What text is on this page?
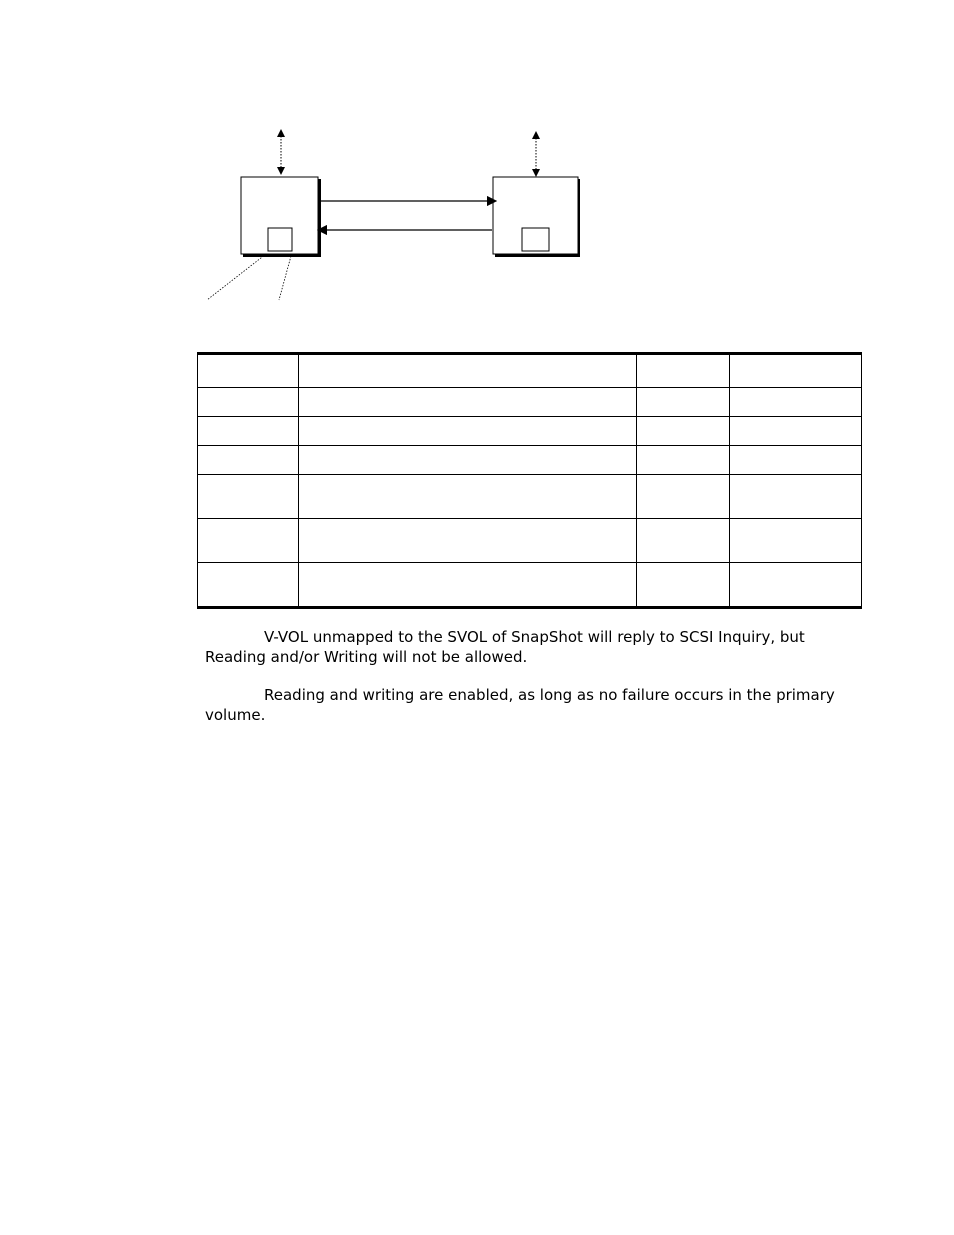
V-VOL unmapped to the SVOL of SnapShot will reply to SCSI Inquiry, but Reading and/or Writing will not be allowed.

Reading and writing are enabled, as long as no failure occurs in the primary volume.
